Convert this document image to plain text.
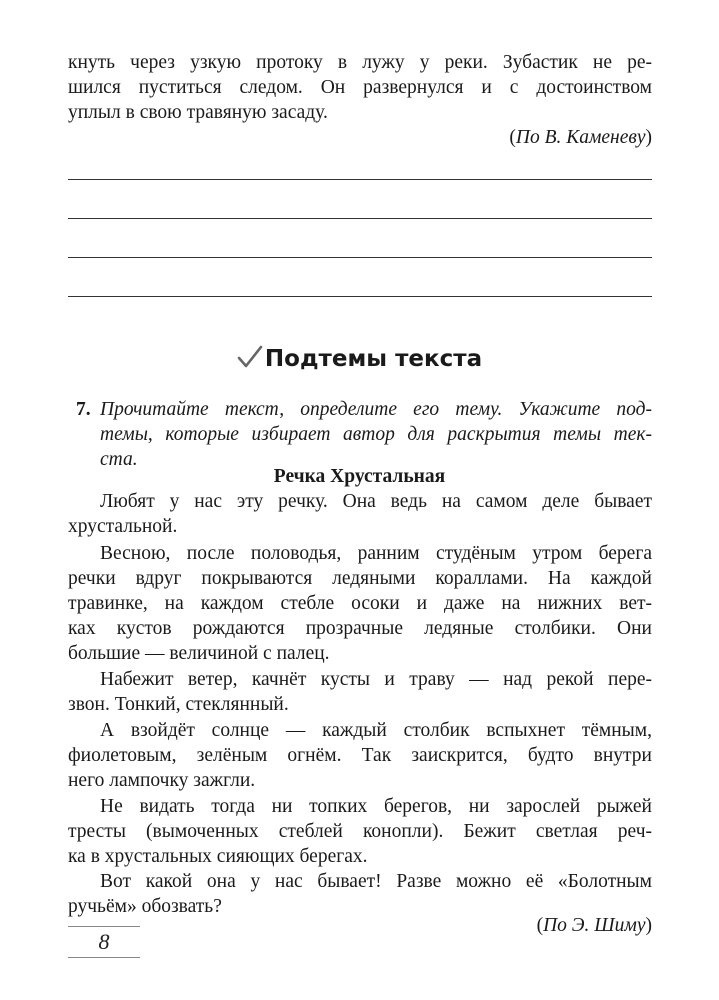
кнуть через узкую протоку в лужу у реки. Зубастик не ре-

шился пуститься следом. Он развернулся и с достоинством

уплыл в свою травяную засаду.

(По В. Каменеву)
Подтемы текста
7. Прочитайте текст, определите его тему. Укажите под-

темы, которые избирает автор для раскрытия темы тек-

ста.

Речка Хрустальная

Любят у нас эту речку. Она ведь на самом деле бывает

хрустальной.

Весною, после половодья, ранним студёным утром берега

речки вдруг покрываются ледяными кораллами. На каждой

травинке, на каждом стебле осоки и даже на нижних вет-

ках кустов рождаются прозрачные ледяные столбики. Они

большие — величиной с палец.

Набежит ветер, качнёт кусты и траву — над рекой пере-

звон. Тонкий, стеклянный.

А взойдёт солнце — каждый столбик вспыхнет тёмным,

фиолетовым, зелёным огнём. Так заискрится, будто внутри

него лампочку зажгли.

Не видать тогда ни топких берегов, ни зарослей рыжей

тресты (вымоченных стеблей конопли). Бежит светлая реч-

ка в хрустальных сияющих берегах.

Вот какой она у нас бывает! Разве можно её «Болотным

ручьём» обозвать?

(По Э. Шиму)
8
